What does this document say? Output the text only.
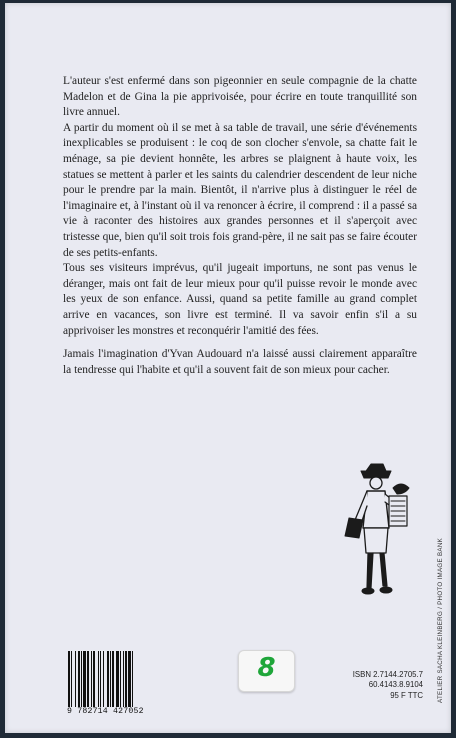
L'auteur s'est enfermé dans son pigeonnier en seule compagnie de la chatte Madelon et de Gina la pie apprivoisée, pour écrire en toute tranquillité son livre annuel.

A partir du moment où il se met à sa table de travail, une série d'événements inexplicables se produisent : le coq de son clocher s'envole, sa chatte fait le ménage, sa pie devient honnête, les arbres se plaignent à haute voix, les statues se mettent à parler et les saints du calendrier descendent de leur niche pour le prendre par la main. Bientôt, il n'arrive plus à distinguer le réel de l'imaginaire et, à l'instant où il va renoncer à écrire, il comprend : il a passé sa vie à raconter des histoires aux grandes personnes et il s'aperçoit avec tristesse que, bien qu'il soit trois fois grand-père, il ne sait pas se faire écouter de ses petits-enfants.

Tous ses visiteurs imprévus, qu'il jugeait importuns, ne sont pas venus le déranger, mais ont fait de leur mieux pour qu'il puisse revoir le monde avec les yeux de son enfance. Aussi, quand sa petite famille au grand complet arrive en vacances, son livre est terminé. Il va savoir enfin s'il a su apprivoiser les monstres et reconquérir l'amitié des fées.

Jamais l'imagination d'Yvan Audouard n'a laissé aussi clairement apparaître la tendresse qui l'habite et qu'il a souvent fait de son mieux pour cacher.

ATELIER SACHA KLEINBERG / PHOTO IMAGE BANK
9 782714 427052
8	ISBN 2.7144.2705.7
60.4143.8.9104
95 F TTC
